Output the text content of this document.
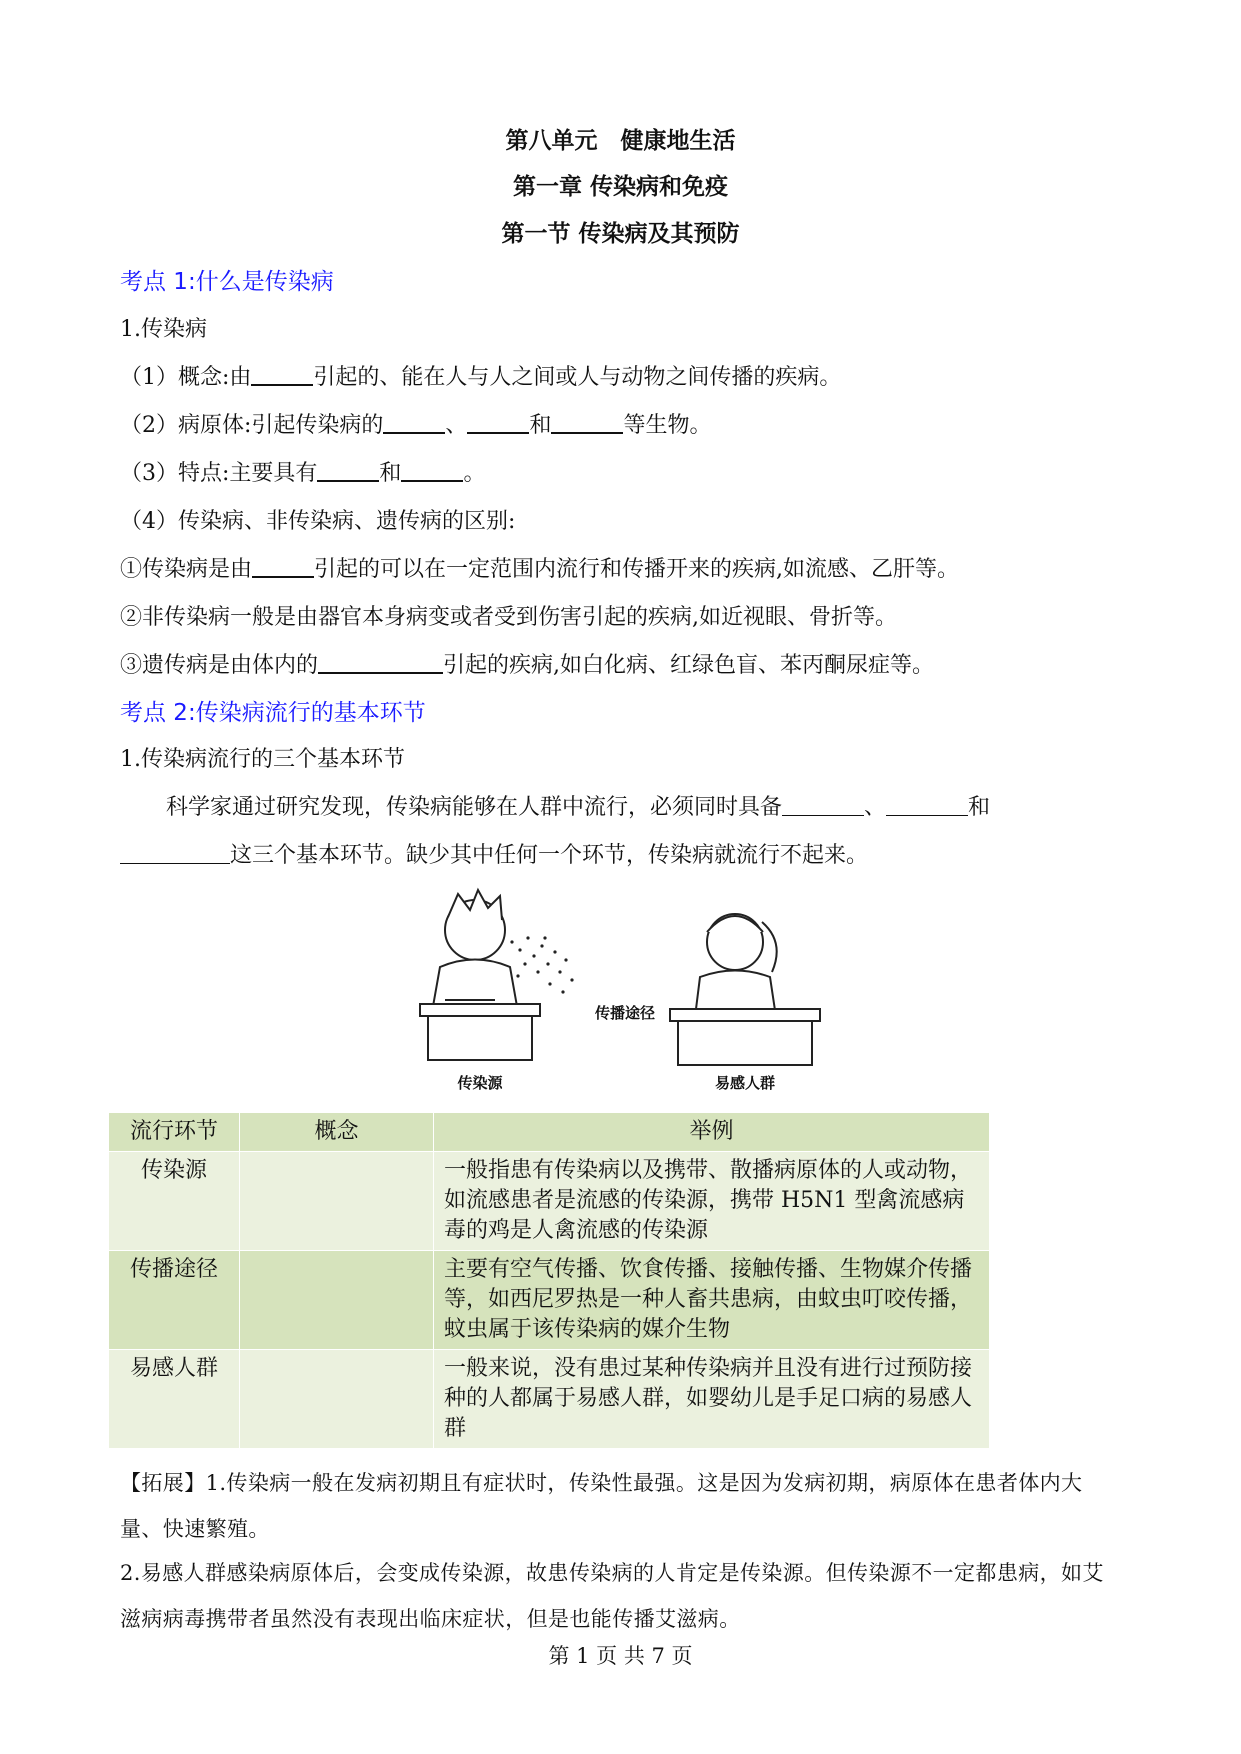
第八单元　健康地生活
第一章 传染病和免疫
第一节 传染病及其预防
考点 1:什么是传染病
1.传染病
（1）概念:由	引起的、能在人与人之间或人与动物之间传播的疾病。
（2）病原体:引起传染病的	、	和	等生物。
（3）特点:主要具有	和	。
（4）传染病、非传染病、遗传病的区别:
①传染病是由	引起的可以在一定范围内流行和传播开来的疾病,如流感、乙肝等。
②非传染病一般是由器官本身病变或者受到伤害引起的疾病,如近视眼、骨折等。
③遗传病是由体内的	引起的疾病,如白化病、红绿色盲、苯丙酮尿症等。
考点 2:传染病流行的基本环节
1.传染病流行的三个基本环节
科学家通过研究发现，传染病能够在人群中流行，必须同时具备	、	和
这三个基本环节。缺少其中任何一个环节，传染病就流行不起来。
传播途径
传染源	易感人群
流行环节	概念	举例
传染源		一般指患有传染病以及携带、散播病原体的人或动物，如流感患者是流感的传染源，携带 H5N1 型禽流感病毒的鸡是人禽流感的传染源
传播途径		主要有空气传播、饮食传播、接触传播、生物媒介传播等，如西尼罗热是一种人畜共患病，由蚊虫叮咬传播，蚊虫属于该传染病的媒介生物
易感人群		一般来说，没有患过某种传染病并且没有进行过预防接种的人都属于易感人群，如婴幼儿是手足口病的易感人群
【拓展】1.传染病一般在发病初期且有症状时，传染性最强。这是因为发病初期，病原体在患者体内大量、快速繁殖。
2.易感人群感染病原体后，会变成传染源，故患传染病的人肯定是传染源。但传染源不一定都患病，如艾滋病病毒携带者虽然没有表现出临床症状，但是也能传播艾滋病。
第 1 页 共 7 页
